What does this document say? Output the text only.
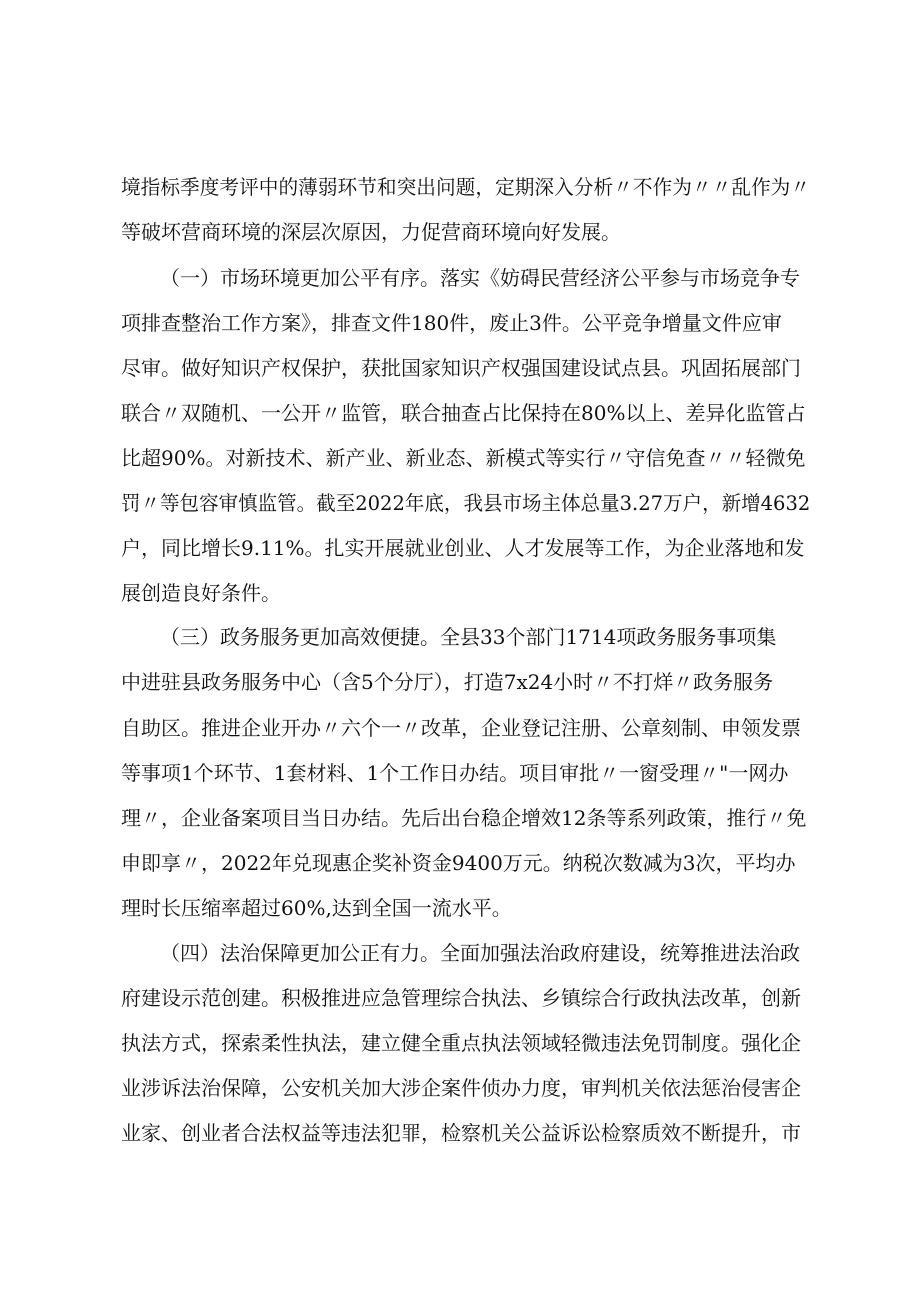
境指标季度考评中的薄弱环节和突出问题，定期深入分析〃不作为〃〃乱作为〃
等破坏营商环境的深层次原因，力促营商环境向好发展。
（一）市场环境更加公平有序。落实《妨碍民营经济公平参与市场竞争专
项排查整治工作方案》，排查文件180件，废止3件。公平竞争增量文件应审
尽审。做好知识产权保护，获批国家知识产权强国建设试点县。巩固拓展部门
联合〃双随机、一公开〃监管，联合抽查占比保持在80%以上、差异化监管占
比超90%。对新技术、新产业、新业态、新模式等实行〃守信免查〃〃轻微免
罚〃等包容审慎监管。截至2022年底，我县市场主体总量3.27万户，新增4632
户，同比增长9.11%。扎实开展就业创业、人才发展等工作，为企业落地和发
展创造良好条件。
（三）政务服务更加高效便捷。全县33个部门1714项政务服务事项集
中进驻县政务服务中心（含5个分厅），打造7x24小时〃不打烊〃政务服务
自助区。推进企业开办〃六个一〃改革，企业登记注册、公章刻制、申领发票
等事项1个环节、1套材料、1个工作日办结。项目审批〃一窗受理〃"一网办
理〃，企业备案项目当日办结。先后出台稳企增效12条等系列政策，推行〃免
申即享〃，2022年兑现惠企奖补资金9400万元。纳税次数减为3次，平均办
理时长压缩率超过60%,达到全国一流水平。
（四）法治保障更加公正有力。全面加强法治政府建设，统筹推进法治政
府建设示范创建。积极推进应急管理综合执法、乡镇综合行政执法改革，创新
执法方式，探索柔性执法，建立健全重点执法领域轻微违法免罚制度。强化企
业涉诉法治保障，公安机关加大涉企案件侦办力度，审判机关依法惩治侵害企
业家、创业者合法权益等违法犯罪，检察机关公益诉讼检察质效不断提升，市
